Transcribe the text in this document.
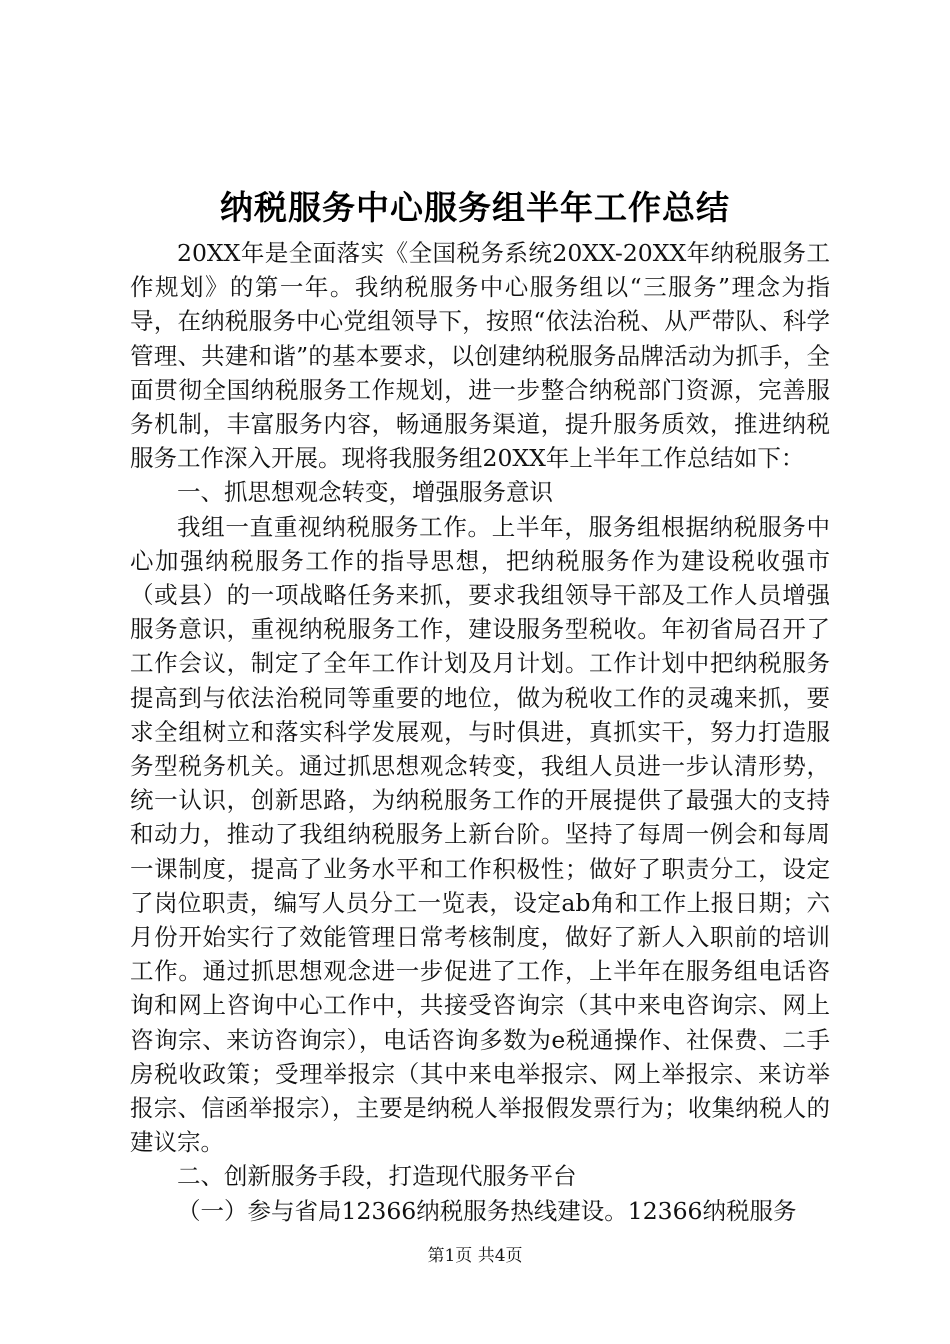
纳税服务中心服务组半年工作总结

20XX年是全面落实《全国税务系统20XX-20XX年纳税服务工作规划》的第一年。我纳税服务中心服务组以“三服务”理念为指导，在纳税服务中心党组领导下，按照“依法治税、从严带队、科学管理、共建和谐”的基本要求，以创建纳税服务品牌活动为抓手，全面贯彻全国纳税服务工作规划，进一步整合纳税部门资源，完善服务机制，丰富服务内容，畅通服务渠道，提升服务质效，推进纳税服务工作深入开展。现将我服务组20XX年上半年工作总结如下：

一、抓思想观念转变，增强服务意识

我组一直重视纳税服务工作。上半年，服务组根据纳税服务中心加强纳税服务工作的指导思想，把纳税服务作为建设税收强市（或县）的一项战略任务来抓，要求我组领导干部及工作人员增强服务意识，重视纳税服务工作，建设服务型税收。年初省局召开了工作会议，制定了全年工作计划及月计划。工作计划中把纳税服务提高到与依法治税同等重要的地位，做为税收工作的灵魂来抓，要求全组树立和落实科学发展观，与时俱进，真抓实干，努力打造服务型税务机关。通过抓思想观念转变，我组人员进一步认清形势，统一认识，创新思路，为纳税服务工作的开展提供了最强大的支持和动力，推动了我组纳税服务上新台阶。坚持了每周一例会和每周一课制度，提高了业务水平和工作积极性；做好了职责分工，设定了岗位职责，编写人员分工一览表，设定ab角和工作上报日期；六月份开始实行了效能管理日常考核制度，做好了新人入职前的培训工作。通过抓思想观念进一步促进了工作，上半年在服务组电话咨询和网上咨询中心工作中，共接受咨询宗（其中来电咨询宗、网上咨询宗、来访咨询宗），电话咨询多数为e税通操作、社保费、二手房税收政策；受理举报宗（其中来电举报宗、网上举报宗、来访举报宗、信函举报宗），主要是纳税人举报假发票行为；收集纳税人的建议宗。

二、创新服务手段，打造现代服务平台

（一）参与省局12366纳税服务热线建设。12366纳税服务

第1页 共4页
